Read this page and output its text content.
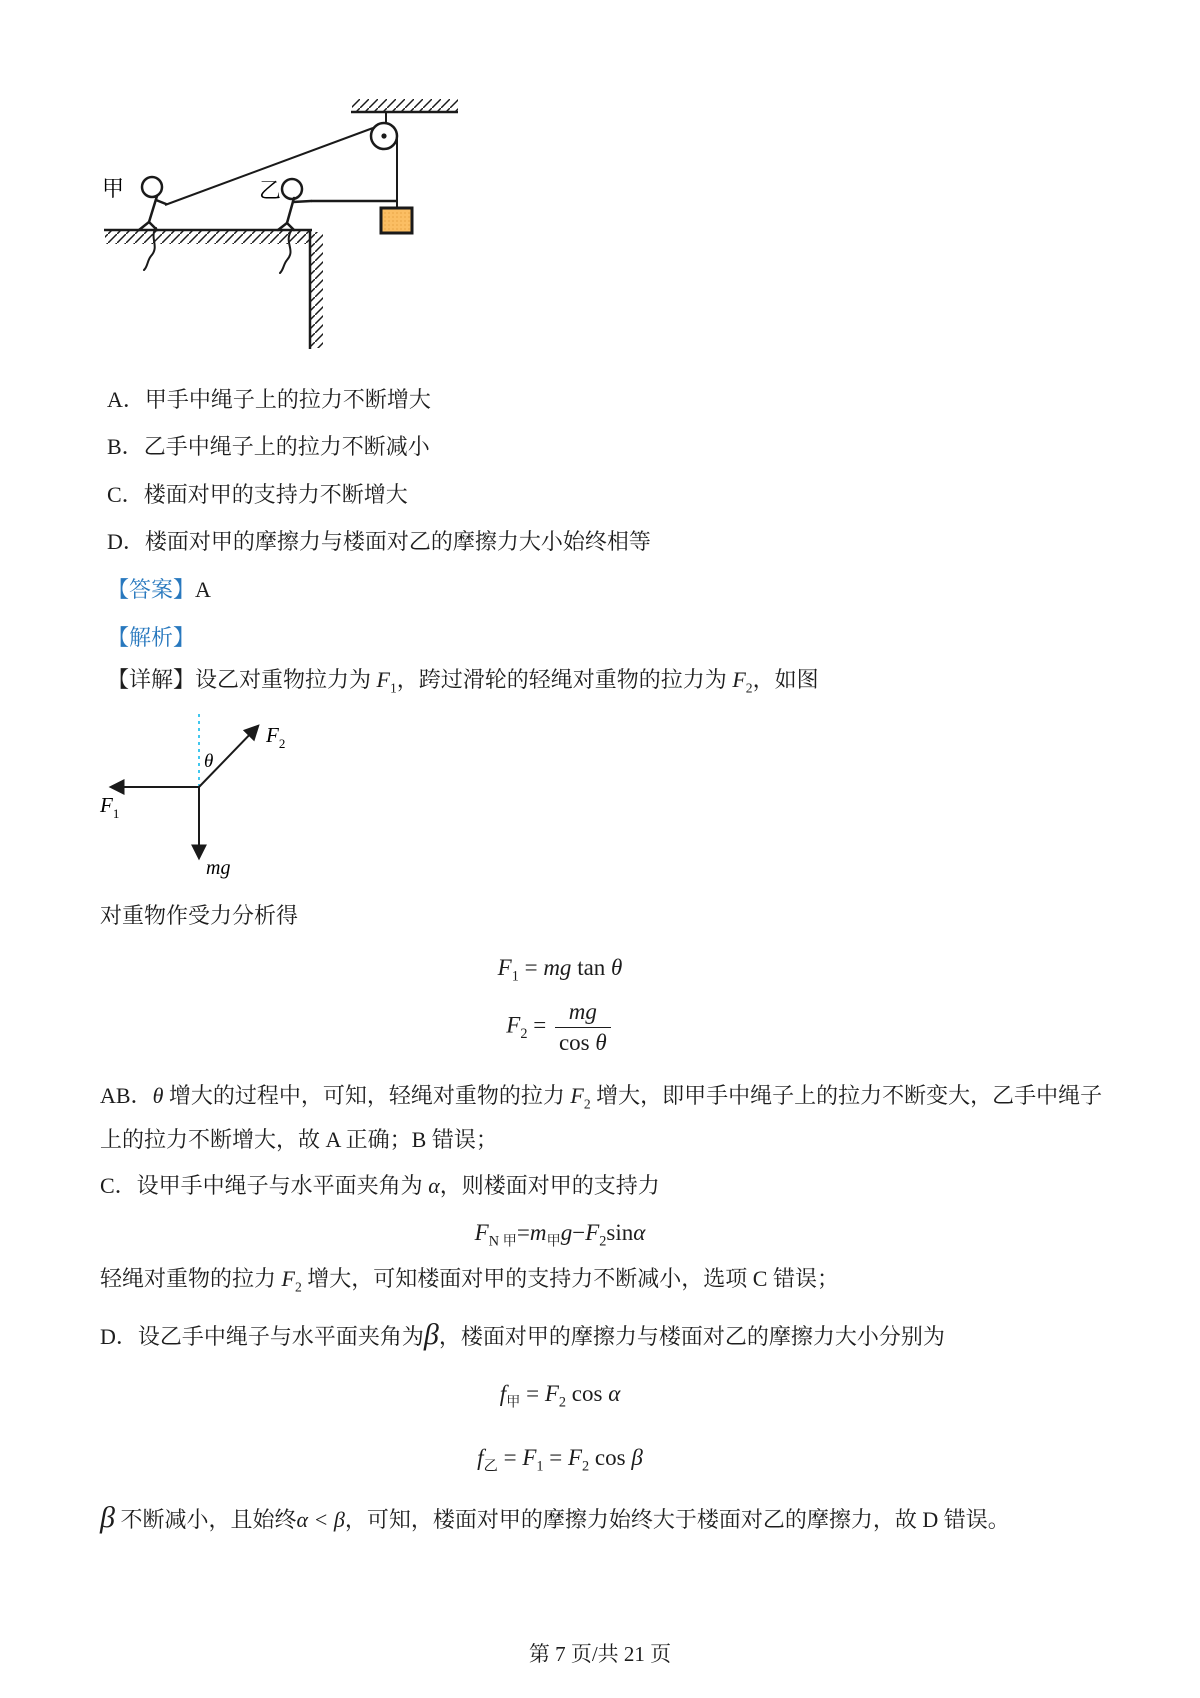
甲	乙
A．甲手中绳子上的拉力不断增大
B．乙手中绳子上的拉力不断减小
C．楼面对甲的支持力不断增大
D．楼面对甲的摩擦力与楼面对乙的摩擦力大小始终相等
【答案】A
【解析】
【详解】设乙对重物拉力为 $F_1$，跨过滑轮的轻绳对重物的拉力为 $F_2$，如图
θ
$F_2$
$F_1$
mg
对重物作受力分析得
$F_1$ = mg tan θ
$F_2 = \frac{mg}{\text{cos θ}}$
AB．θ 增大的过程中，可知，轻绳对重物的拉力 $F_2$ 增大，即甲手中绳子上的拉力不断变大，乙手中绳子
上的拉力不断增大，故 A 正确；B 错误；
C．设甲手中绳子与水平面夹角为 α，则楼面对甲的支持力
$F_{N 甲}=m_甲g-F_2\sin\alpha$
轻绳对重物的拉力 $F_2$ 增大，可知楼面对甲的支持力不断减小，选项 C 错误；
D．设乙手中绳子与水平面夹角为β，楼面对甲的摩擦力与楼面对乙的摩擦力大小分别为
$f_甲 = F_2$ cos α
$f_乙 = F_1 = F_2$ cos β
β 不断减小，且始终α < β，可知，楼面对甲的摩擦力始终大于楼面对乙的摩擦力，故 D 错误。
第 7 页/共 21 页
